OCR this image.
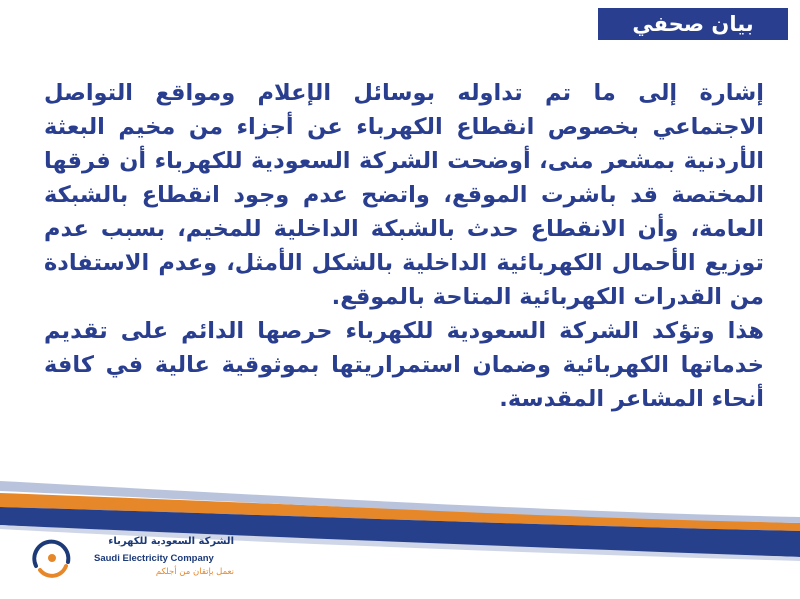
بيان صحفي

إشارة إلى ما تم تداوله بوسائل الإعلام ومواقع التواصل الاجتماعي بخصوص انقطاع الكهرباء عن أجزاء من مخيم البعثة الأردنية بمشعر منى، أوضحت الشركة السعودية للكهرباء أن فرقها المختصة قد باشرت الموقع، واتضح عدم وجود انقطاع بالشبكة العامة، وأن الانقطاع حدث بالشبكة الداخلية للمخيم، بسبب عدم توزيع الأحمال الكهربائية الداخلية بالشكل الأمثل، وعدم الاستفادة من القدرات الكهربائية المتاحة بالموقع.

هذا وتؤكد الشركة السعودية للكهرباء حرصها الدائم على تقديم خدماتها الكهربائية وضمان استمراريتها بموثوقية عالية في كافة أنحاء المشاعر المقدسة.

الشركة السعودية للكهرباء
Saudi Electricity Company
نعمل بإتقان من أجلكم
